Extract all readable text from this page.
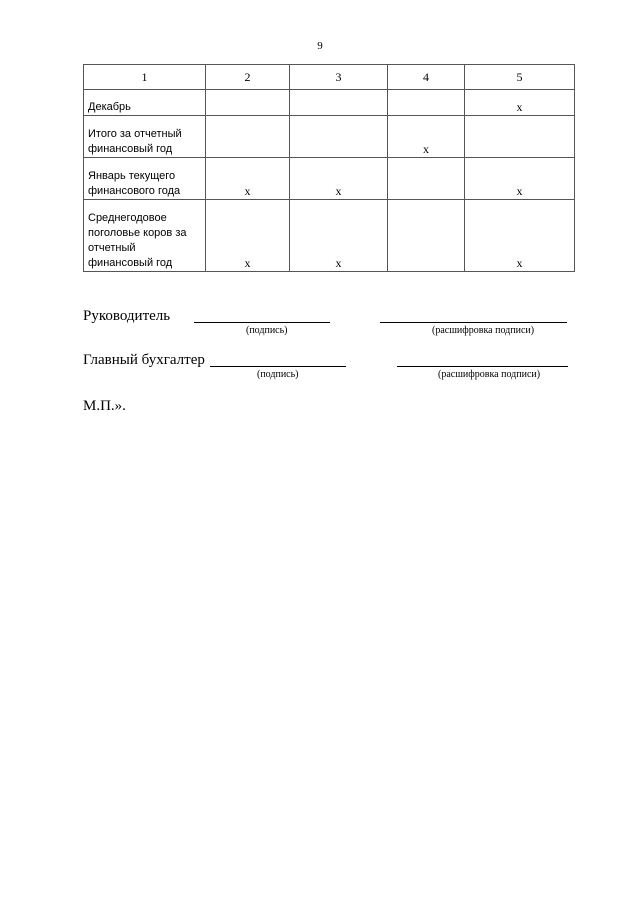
9
1	2	3	4	5
Декабрь				х
Итого за отчетный финансовый год			х	
Январь текущего финансового года	х	х		х
Среднегодовое поголовье коров за отчетный финансовый год	х	х		х
Руководитель
(подпись)	(расшифровка подписи)
Главный бухгалтер
(подпись)	(расшифровка подписи)
М.П.».
